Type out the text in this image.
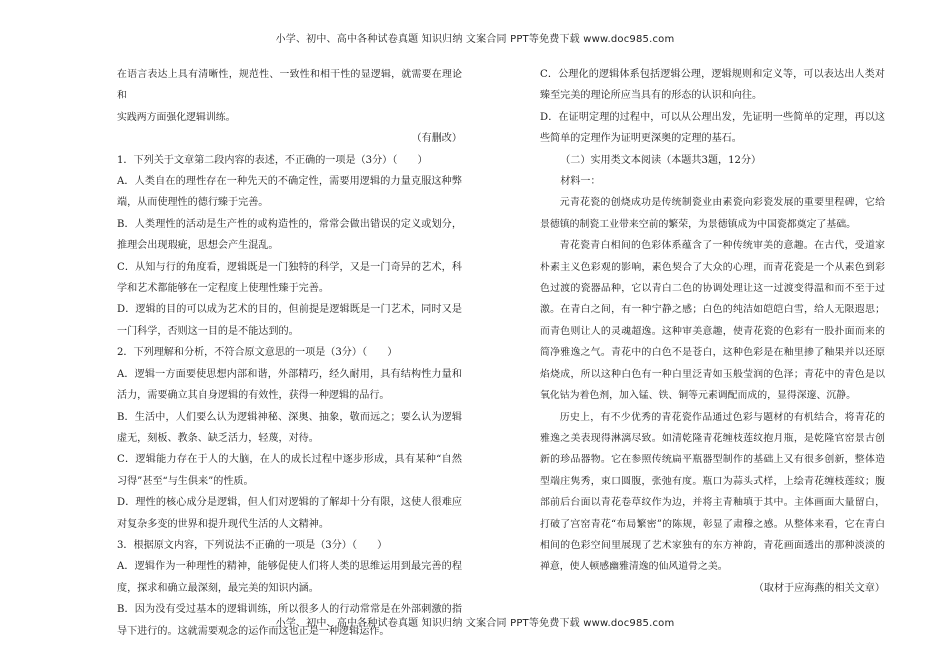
小学、初中、高中各种试卷真题 知识归纳 文案合同 PPT等免费下载 www.doc985.com

在语言表达上具有清晰性，规范性、一致性和相干性的显逻辑，就需要在理论和

实践两方面强化逻辑训练。

（有删改）

1．下列关于文章第二段内容的表述，不正确的一项是（3分）（　　）

A．人类自在的理性存在一种先天的不确定性，需要用逻辑的力量克服这种弊端，从而使理性的德行臻于完善。

B．人类理性的活动是生产性的或构造性的，常常会做出错误的定义或划分，推理会出现瑕疵，思想会产生混乱。

C．从知与行的角度看，逻辑既是一门独特的科学，又是一门奇异的艺术，科学和艺术都能够在一定程度上使理性臻于完善。

D．逻辑的目的可以成为艺术的目的，但前提是逻辑既是一门艺术，同时又是一门科学，否则这一目的是不能达到的。

2．下列理解和分析，不符合原文意思的一项是（3分）（　　）

A．逻辑一方面要使思想内部和谐，外部精巧，经久耐用，具有结构性力量和活力，需要确立其自身逻辑的有效性，获得一种逻辑的品行。

B．生活中，人们要么认为逻辑神秘、深奥、抽象，敬而远之；要么认为逻辑虚无，刻板、教条、缺乏活力，轻蔑，对待。

C．逻辑能力存在于人的大脑，在人的成长过程中逐步形成，具有某种“自然习得”甚至“与生俱来”的性质。

D．理性的核心成分是逻辑，但人们对逻辑的了解却十分有限，这使人很难应对复杂多变的世界和提升现代生活的人文精神。

3．根据原文内容，下列说法不正确的一项是（3分）（　　）

A．逻辑作为一种理性的精神，能够促使人们将人类的思维运用到最完善的程度，探求和确立最深刻，最完美的知识内涵。

B．因为没有受过基本的逻辑训练，所以很多人的行动常常是在外部刺激的指导下进行的。这就需要观念的运作而这也正是一种逻辑运作。

C．公理化的逻辑体系包括逻辑公理，逻辑规则和定义等，可以表达出人类对臻至完美的理论所应当具有的形态的认识和向往。

D．在证明定理的过程中，可以从公理出发，先证明一些简单的定理，再以这些简单的定理作为证明更深奥的定理的基石。

（二）实用类文本阅读（本题共3题，12分）

材料一：

元青花瓷的创烧成功是传统制瓷业由素瓷向彩瓷发展的重要里程碑，它给景德镇的制瓷工业带来空前的繁荣，为景德镇成为中国瓷都奠定了基础。

青花瓷青白相间的色彩体系蕴含了一种传统审美的意趣。在古代，受道家朴素主义色彩观的影响，素色契合了大众的心理，而青花瓷是一个从素色到彩色过渡的瓷器品种，它以青白二色的协调处理让这一过渡变得温和而不至于过激。在青白之间，有一种宁静之感；白色的纯洁如皑皑白雪，给人无限遐思；而青色则让人的灵魂超逸。这种审美意趣，使青花瓷的色彩有一股扑面而来的简净雅逸之气。青花中的白色不是苍白，这种色彩是在釉里掺了釉果并以还原焰烧成，所以这种白色有一种白里泛青如玉般莹润的色泽；青花中的青色是以氧化钴为着色剂，加入锰、铁、铜等元素调配而成的，显得深邃、沉静。

历史上，有不少优秀的青花瓷作品通过色彩与题材的有机结合，将青花的雅逸之美表现得淋漓尽致。如清乾隆青花缠枝莲纹抱月瓶，是乾隆官窑景古创新的珍品器物。它在参照传统扁平瓶器型制作的基础上又有很多创新，整体造型端庄隽秀，束口圆腹，张弛有度。瓶口为蒜头式样，上绘青花缠枝莲纹；腹部前后台面以青花卷草纹作为边，并将主青釉填于其中。主体画面大量留白，打破了宫窑青花“布局繁密”的陈规，彰显了肃穆之感。从整体来看，它在青白相间的色彩空间里展现了艺术家独有的东方神韵，青花画面透出的那种淡淡的禅意，使人顿感幽雅清逸的仙风道骨之美。

（取材于应海燕的相关文章）

小学、初中、高中各种试卷真题 知识归纳 文案合同 PPT等免费下载 www.doc985.com
